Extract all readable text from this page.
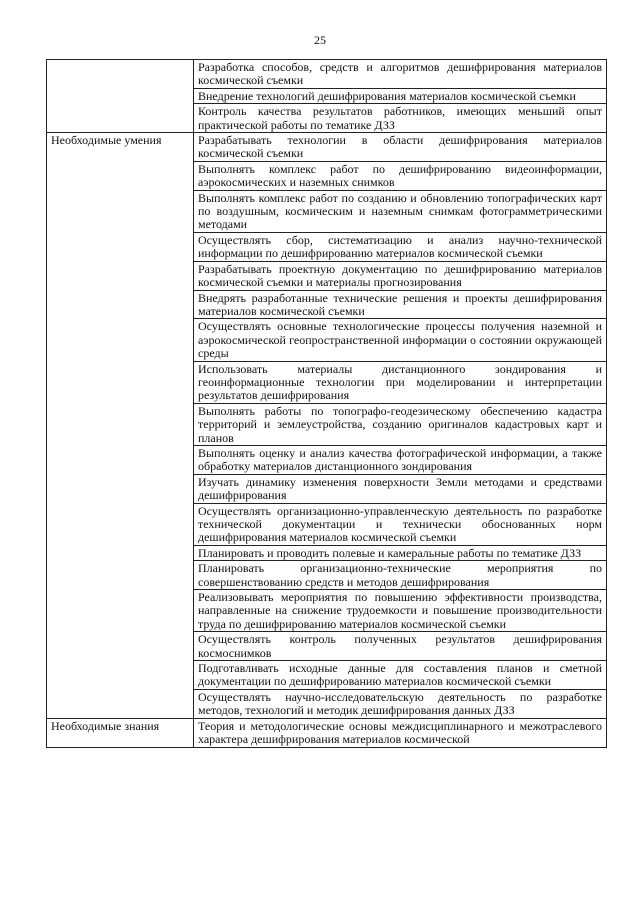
25
	Разработка способов, средств и алгоритмов дешифрирования материалов космической съемки
	Внедрение технологий дешифрирования материалов космической съемки
	Контроль качества результатов работников, имеющих меньший опыт практической работы по тематике ДЗЗ
Необходимые умения	Разрабатывать технологии в области дешифрирования материалов космической съемки
	Выполнять комплекс работ по дешифрированию видеоинформации, аэрокосмических и наземных снимков
	Выполнять комплекс работ по созданию и обновлению топографических карт по воздушным, космическим и наземным снимкам фотограмметрическими методами
	Осуществлять сбор, систематизацию и анализ научно-технической информации по дешифрированию материалов космической съемки
	Разрабатывать проектную документацию по дешифрированию материалов космической съемки и материалы прогнозирования
	Внедрять разработанные технические решения и проекты дешифрирования материалов космической съемки
	Осуществлять основные технологические процессы получения наземной и аэрокосмической геопространственной информации о состоянии окружающей среды
	Использовать материалы дистанционного зондирования и геоинформационные технологии при моделировании и интерпретации результатов дешифрирования
	Выполнять работы по топографо-геодезическому обеспечению кадастра территорий и землеустройства, созданию оригиналов кадастровых карт и планов
	Выполнять оценку и анализ качества фотографической информации, а также обработку материалов дистанционного зондирования
	Изучать динамику изменения поверхности Земли методами и средствами дешифрирования
	Осуществлять организационно-управленческую деятельность по разработке технической документации и технически обоснованных норм дешифрирования материалов космической съемки
	Планировать и проводить полевые и камеральные работы по тематике ДЗЗ
	Планировать организационно-технические мероприятия по совершенствованию средств и методов дешифрирования
	Реализовывать мероприятия по повышению эффективности производства, направленные на снижение трудоемкости и повышение производительности труда по дешифрированию материалов космической съемки
	Осуществлять контроль полученных результатов дешифрирования космоснимков
	Подготавливать исходные данные для составления планов и сметной документации по дешифрированию материалов космической съемки
	Осуществлять научно-исследовательскую деятельность по разработке методов, технологий и методик дешифрирования данных ДЗЗ
Необходимые знания	Теория и методологические основы междисциплинарного и межотраслевого характера дешифрирования материалов космической
